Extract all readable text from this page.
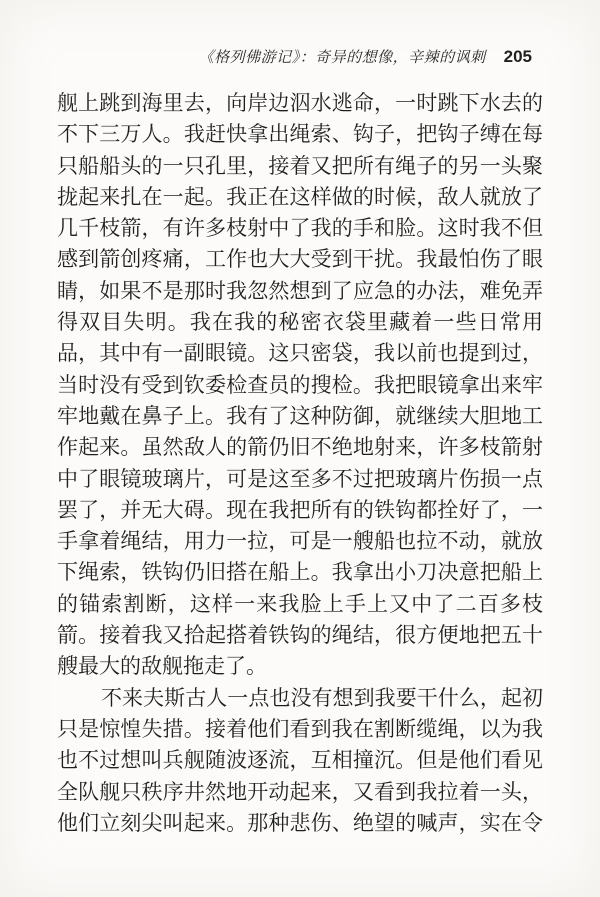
《格列佛游记》：奇异的想像，辛辣的讽刺 205
舰上跳到海里去，向岸边泅水逃命，一时跳下水去的
不下三万人。我赶快拿出绳索、钩子，把钩子缚在每
只船船头的一只孔里，接着又把所有绳子的另一头聚
拢起来扎在一起。我正在这样做的时候，敌人就放了
几千枝箭，有许多枝射中了我的手和脸。这时我不但
感到箭创疼痛，工作也大大受到干扰。我最怕伤了眼
睛，如果不是那时我忽然想到了应急的办法，难免弄
得双目失明。我在我的秘密衣袋里藏着一些日常用
品，其中有一副眼镜。这只密袋，我以前也提到过，
当时没有受到钦委检查员的搜检。我把眼镜拿出来牢
牢地戴在鼻子上。我有了这种防御，就继续大胆地工
作起来。虽然敌人的箭仍旧不绝地射来，许多枝箭射
中了眼镜玻璃片，可是这至多不过把玻璃片伤损一点
罢了，并无大碍。现在我把所有的铁钩都拴好了，一
手拿着绳结，用力一拉，可是一艘船也拉不动，就放
下绳索，铁钩仍旧搭在船上。我拿出小刀决意把船上
的锚索割断，这样一来我脸上手上又中了二百多枝
箭。接着我又拾起搭着铁钩的绳结，很方便地把五十
艘最大的敌舰拖走了。
不来夫斯古人一点也没有想到我要干什么，起初
只是惊惶失措。接着他们看到我在割断缆绳，以为我
也不过想叫兵舰随波逐流，互相撞沉。但是他们看见
全队舰只秩序井然地开动起来，又看到我拉着一头，
他们立刻尖叫起来。那种悲伤、绝望的喊声，实在令
